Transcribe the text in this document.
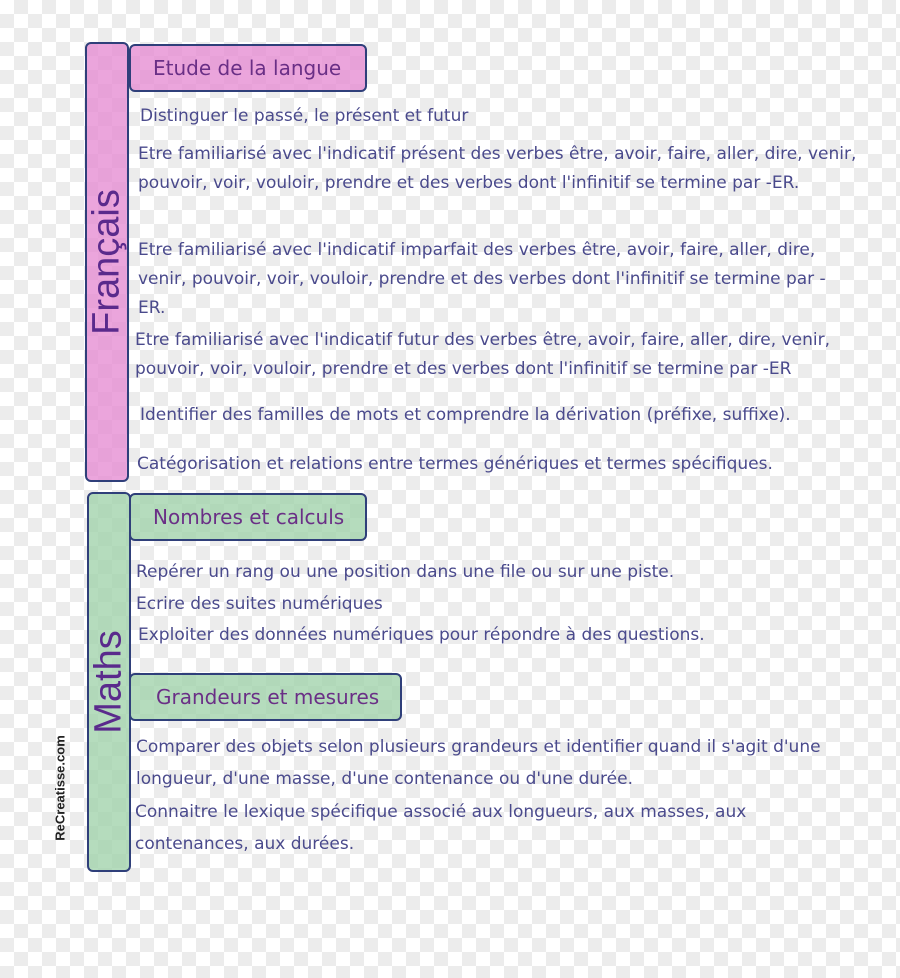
Français
Etude de la langue
Distinguer le passé, le présent et futur
Etre familiarisé avec l'indicatif présent des verbes être, avoir, faire, aller, dire, venir, pouvoir, voir, vouloir, prendre et des verbes dont l'infinitif se termine par -ER.
Etre familiarisé avec l'indicatif imparfait des verbes être, avoir, faire, aller, dire, venir, pouvoir, voir, vouloir, prendre et des verbes dont l'infinitif se termine par -ER.
Etre familiarisé avec l'indicatif futur des verbes être, avoir, faire, aller, dire, venir, pouvoir, voir, vouloir, prendre et des verbes dont l'infinitif se termine par -ER
Identifier des familles de mots et comprendre la dérivation (préfixe, suffixe).
Catégorisation et relations entre termes génériques et termes spécifiques.
Maths
Nombres et calculs
Repérer un rang ou une position dans une file ou sur une piste.
Ecrire des suites numériques
Exploiter des données numériques pour répondre à des questions.
Grandeurs et mesures
Comparer des objets selon plusieurs grandeurs et identifier quand il s'agit d'une longueur, d'une masse, d'une contenance ou d'une durée.
Connaitre le lexique spécifique associé aux longueurs, aux masses, aux contenances, aux durées.
ReCreatisse.com
